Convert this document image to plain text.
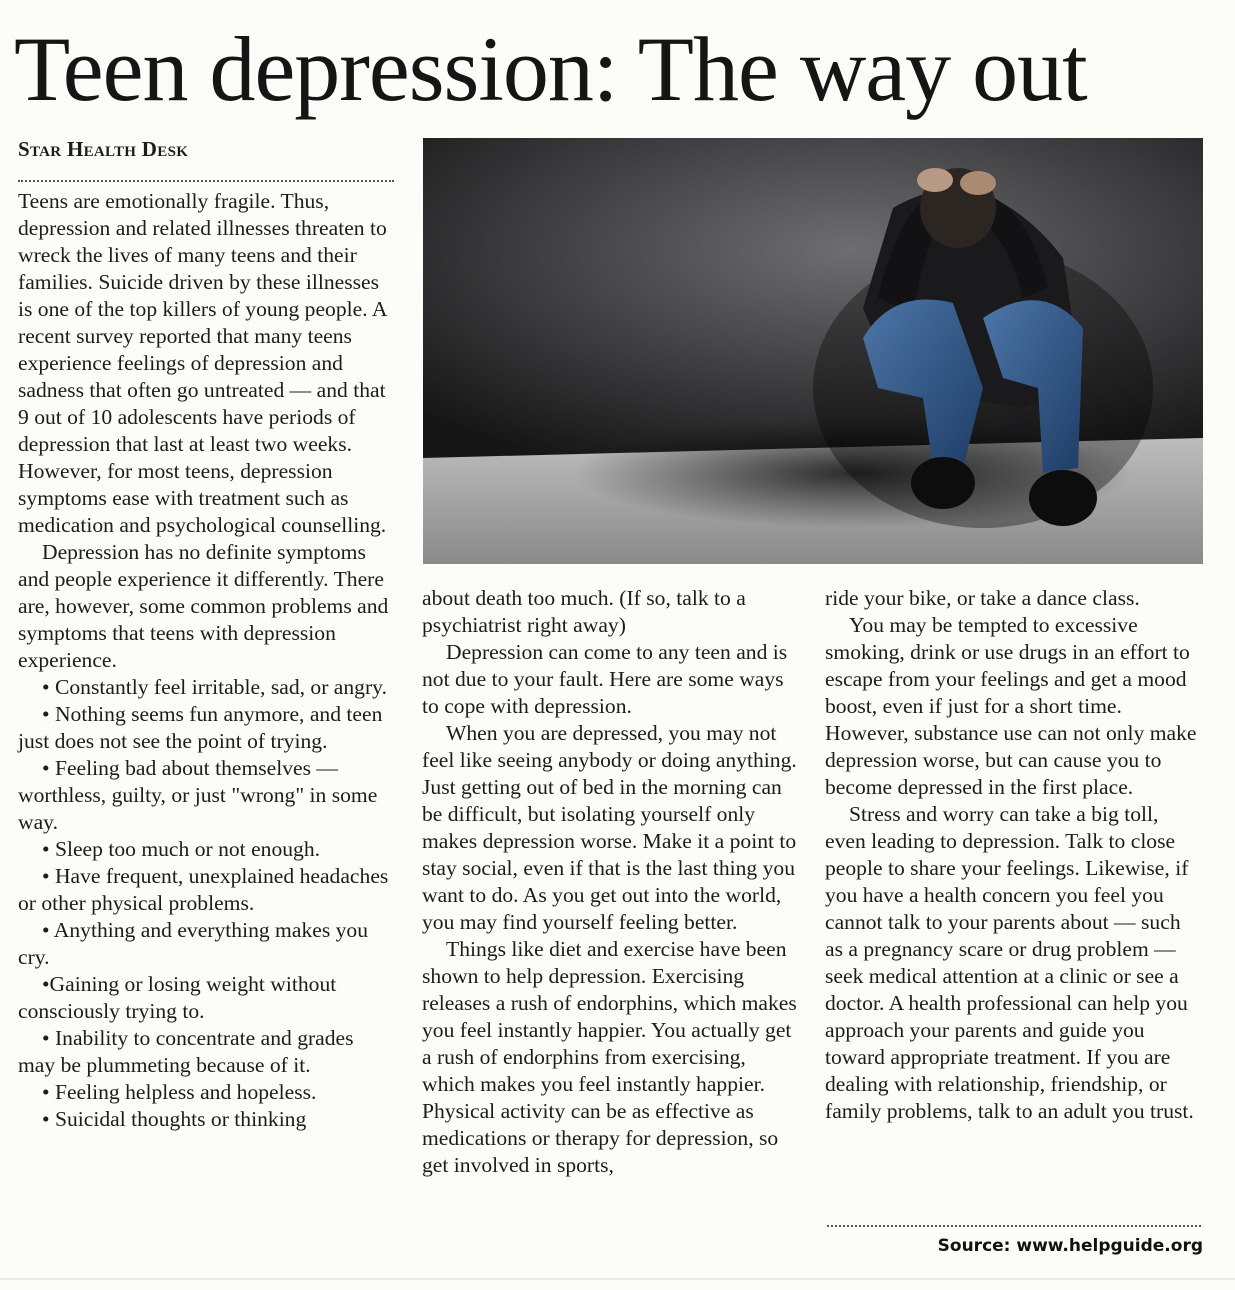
Teen depression: The way out
Star Health Desk

Teens are emotionally fragile. Thus, depression and related illnesses threaten to wreck the lives of many teens and their families. Suicide driven by these illnesses is one of the top killers of young people. A recent survey reported that many teens experience feelings of depression and sadness that often go untreated — and that 9 out of 10 adolescents have periods of depression that last at least two weeks. However, for most teens, depression symptoms ease with treatment such as medication and psychological counselling.

Depression has no definite symptoms and people experience it differently. There are, however, some common problems and symptoms that teens with depression experience.

• Constantly feel irritable, sad, or angry.

• Nothing seems fun anymore, and teen just does not see the point of trying.

• Feeling bad about themselves — worthless, guilty, or just "wrong" in some way.

• Sleep too much or not enough.

• Have frequent, unexplained headaches or other physical problems.

• Anything and everything makes you cry.

•Gaining or losing weight without consciously trying to.

• Inability to concentrate and grades may be plummeting because of it.

• Feeling helpless and hopeless.

• Suicidal thoughts or thinking

about death too much. (If so, talk to a psychiatrist right away)

Depression can come to any teen and is not due to your fault. Here are some ways to cope with depression.

When you are depressed, you may not feel like seeing anybody or doing anything. Just getting out of bed in the morning can be difficult, but isolating yourself only makes depression worse. Make it a point to stay social, even if that is the last thing you want to do. As you get out into the world, you may find yourself feeling better.

Things like diet and exercise have been shown to help depression. Exercising releases a rush of endorphins, which makes you feel instantly happier. You actually get a rush of endorphins from exercising, which makes you feel instantly happier. Physical activity can be as effective as medications or therapy for depression, so get involved in sports,

ride your bike, or take a dance class.

You may be tempted to excessive smoking, drink or use drugs in an effort to escape from your feelings and get a mood boost, even if just for a short time. However, substance use can not only make depression worse, but can cause you to become depressed in the first place.

Stress and worry can take a big toll, even leading to depression. Talk to close people to share your feelings. Likewise, if you have a health concern you feel you cannot talk to your parents about — such as a pregnancy scare or drug problem — seek medical attention at a clinic or see a doctor. A health professional can help you approach your parents and guide you toward appropriate treatment. If you are dealing with relationship, friendship, or family problems, talk to an adult you trust.

Source: www.helpguide.org
